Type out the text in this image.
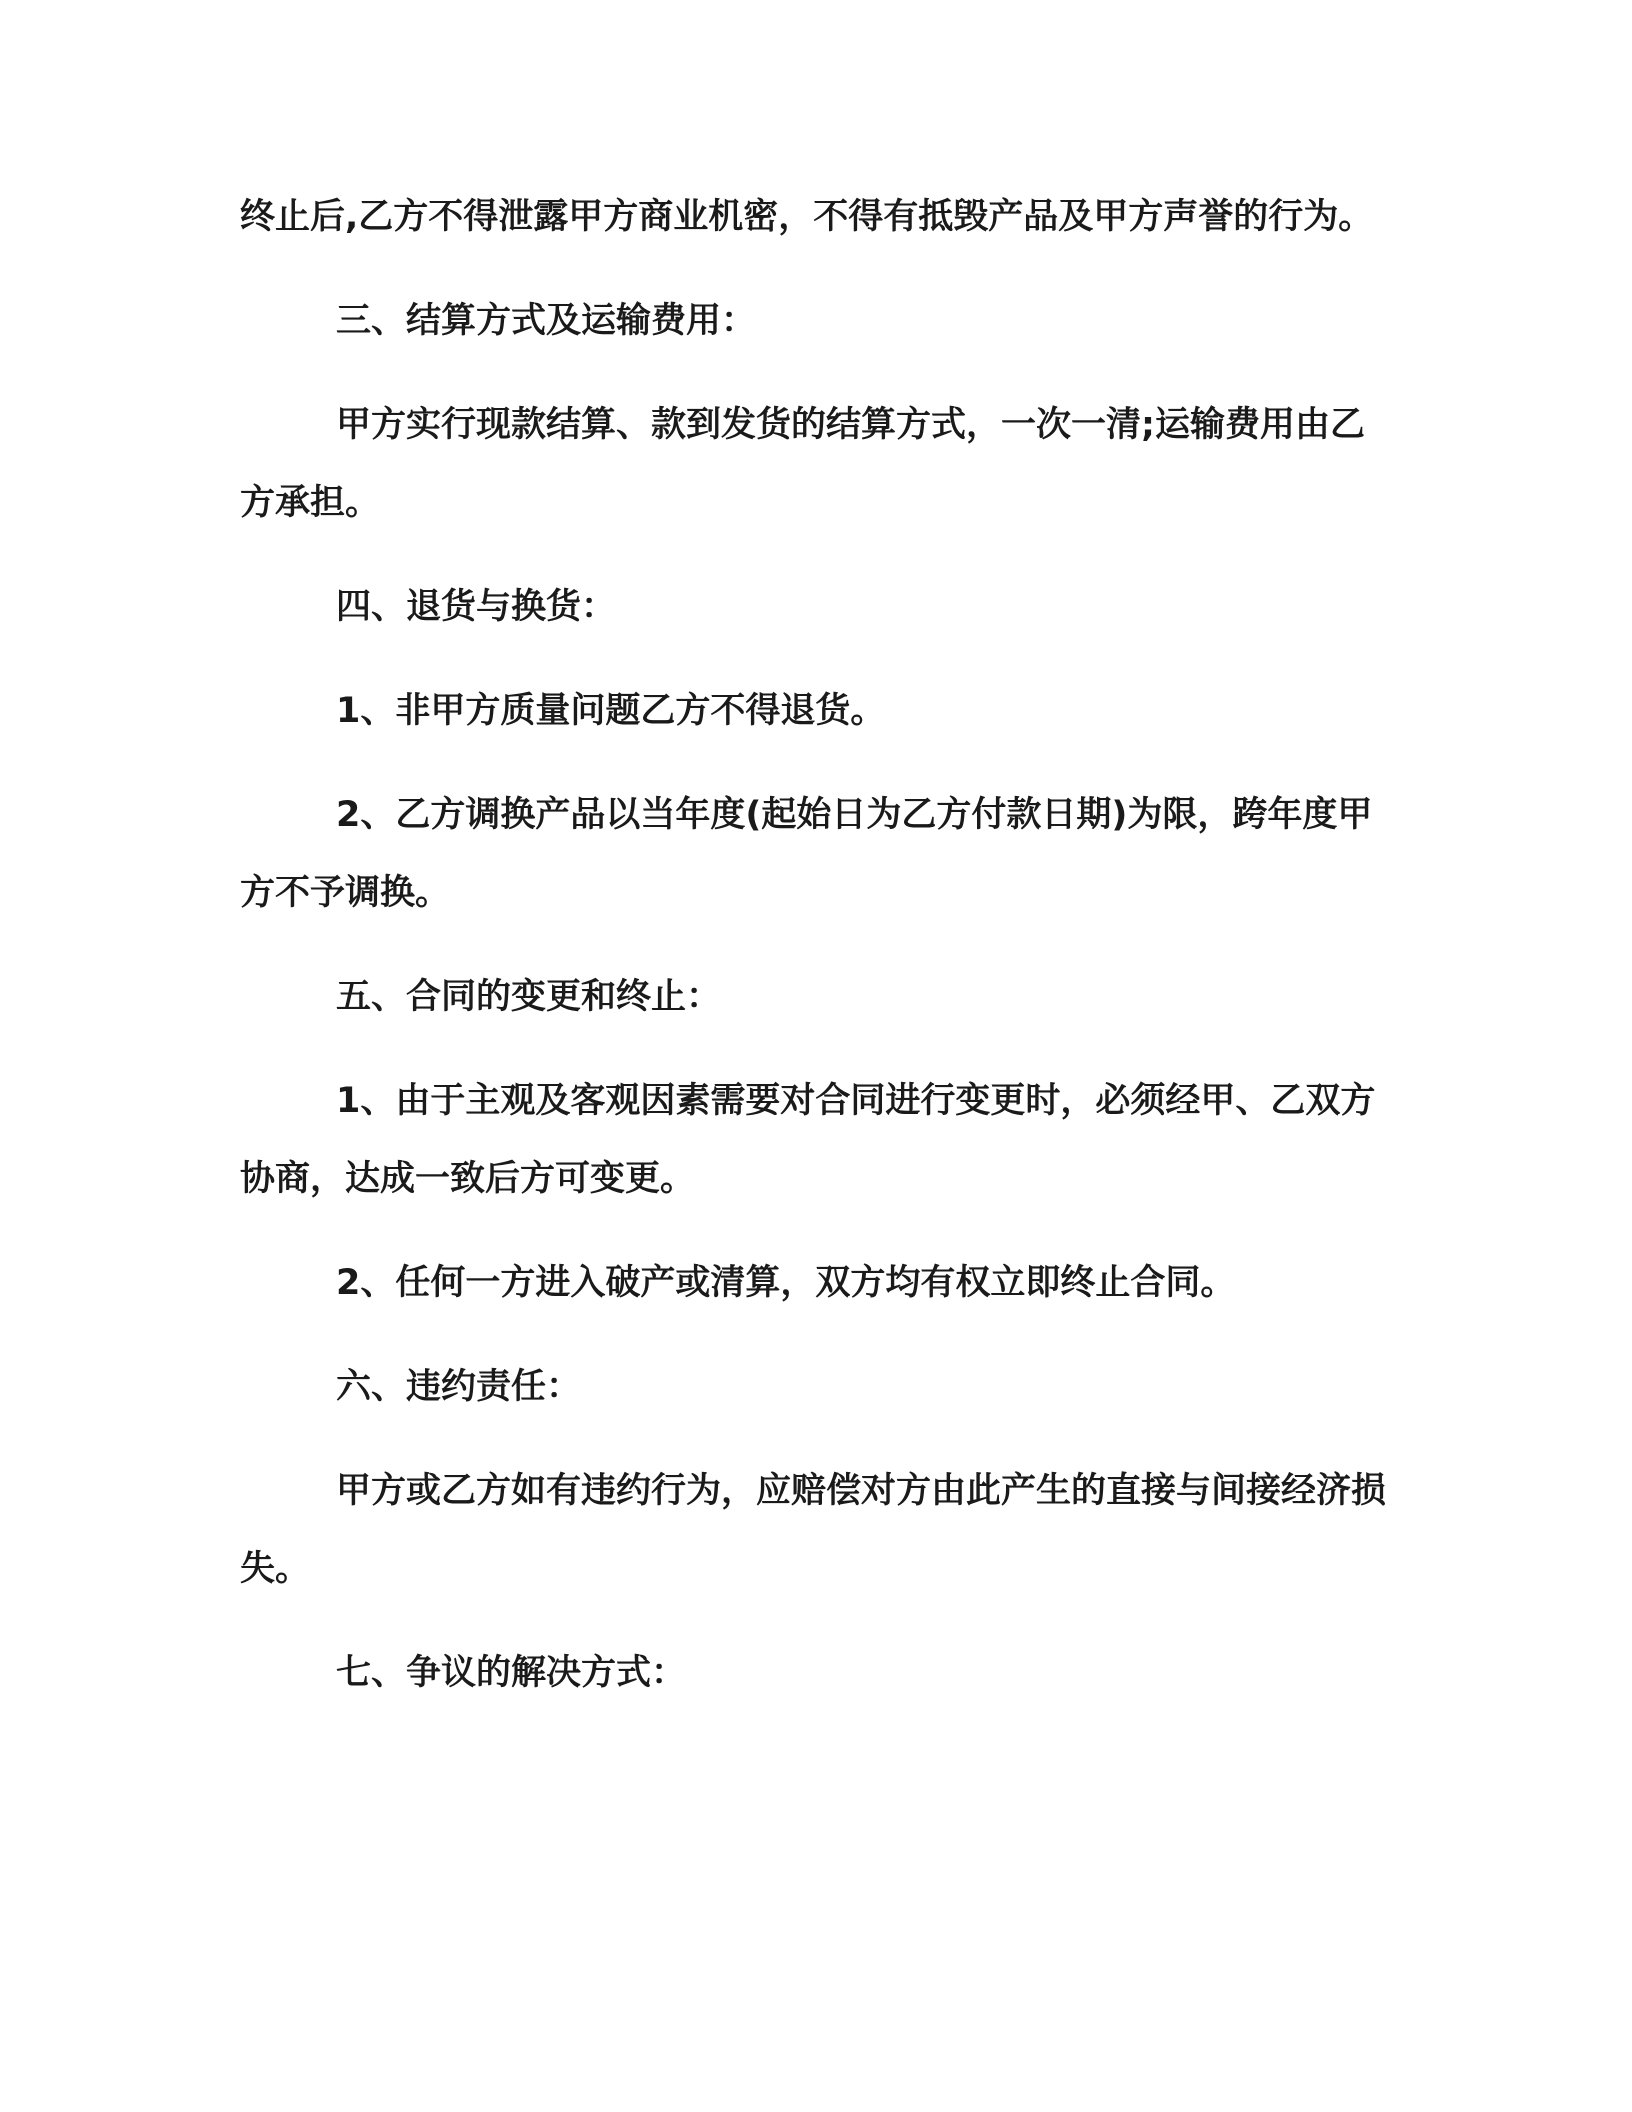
终止后,乙方不得泄露甲方商业机密，不得有抵毁产品及甲方声誉的行为。

三、结算方式及运输费用：

甲方实行现款结算、款到发货的结算方式，一次一清;运输费用由乙方承担。

四、退货与换货：

1、非甲方质量问题乙方不得退货。

2、乙方调换产品以当年度(起始日为乙方付款日期)为限，跨年度甲方不予调换。

五、合同的变更和终止：

1、由于主观及客观因素需要对合同进行变更时，必须经甲、乙双方协商，达成一致后方可变更。

2、任何一方进入破产或清算，双方均有权立即终止合同。

六、违约责任：

甲方或乙方如有违约行为，应赔偿对方由此产生的直接与间接经济损失。

七、争议的解决方式：
